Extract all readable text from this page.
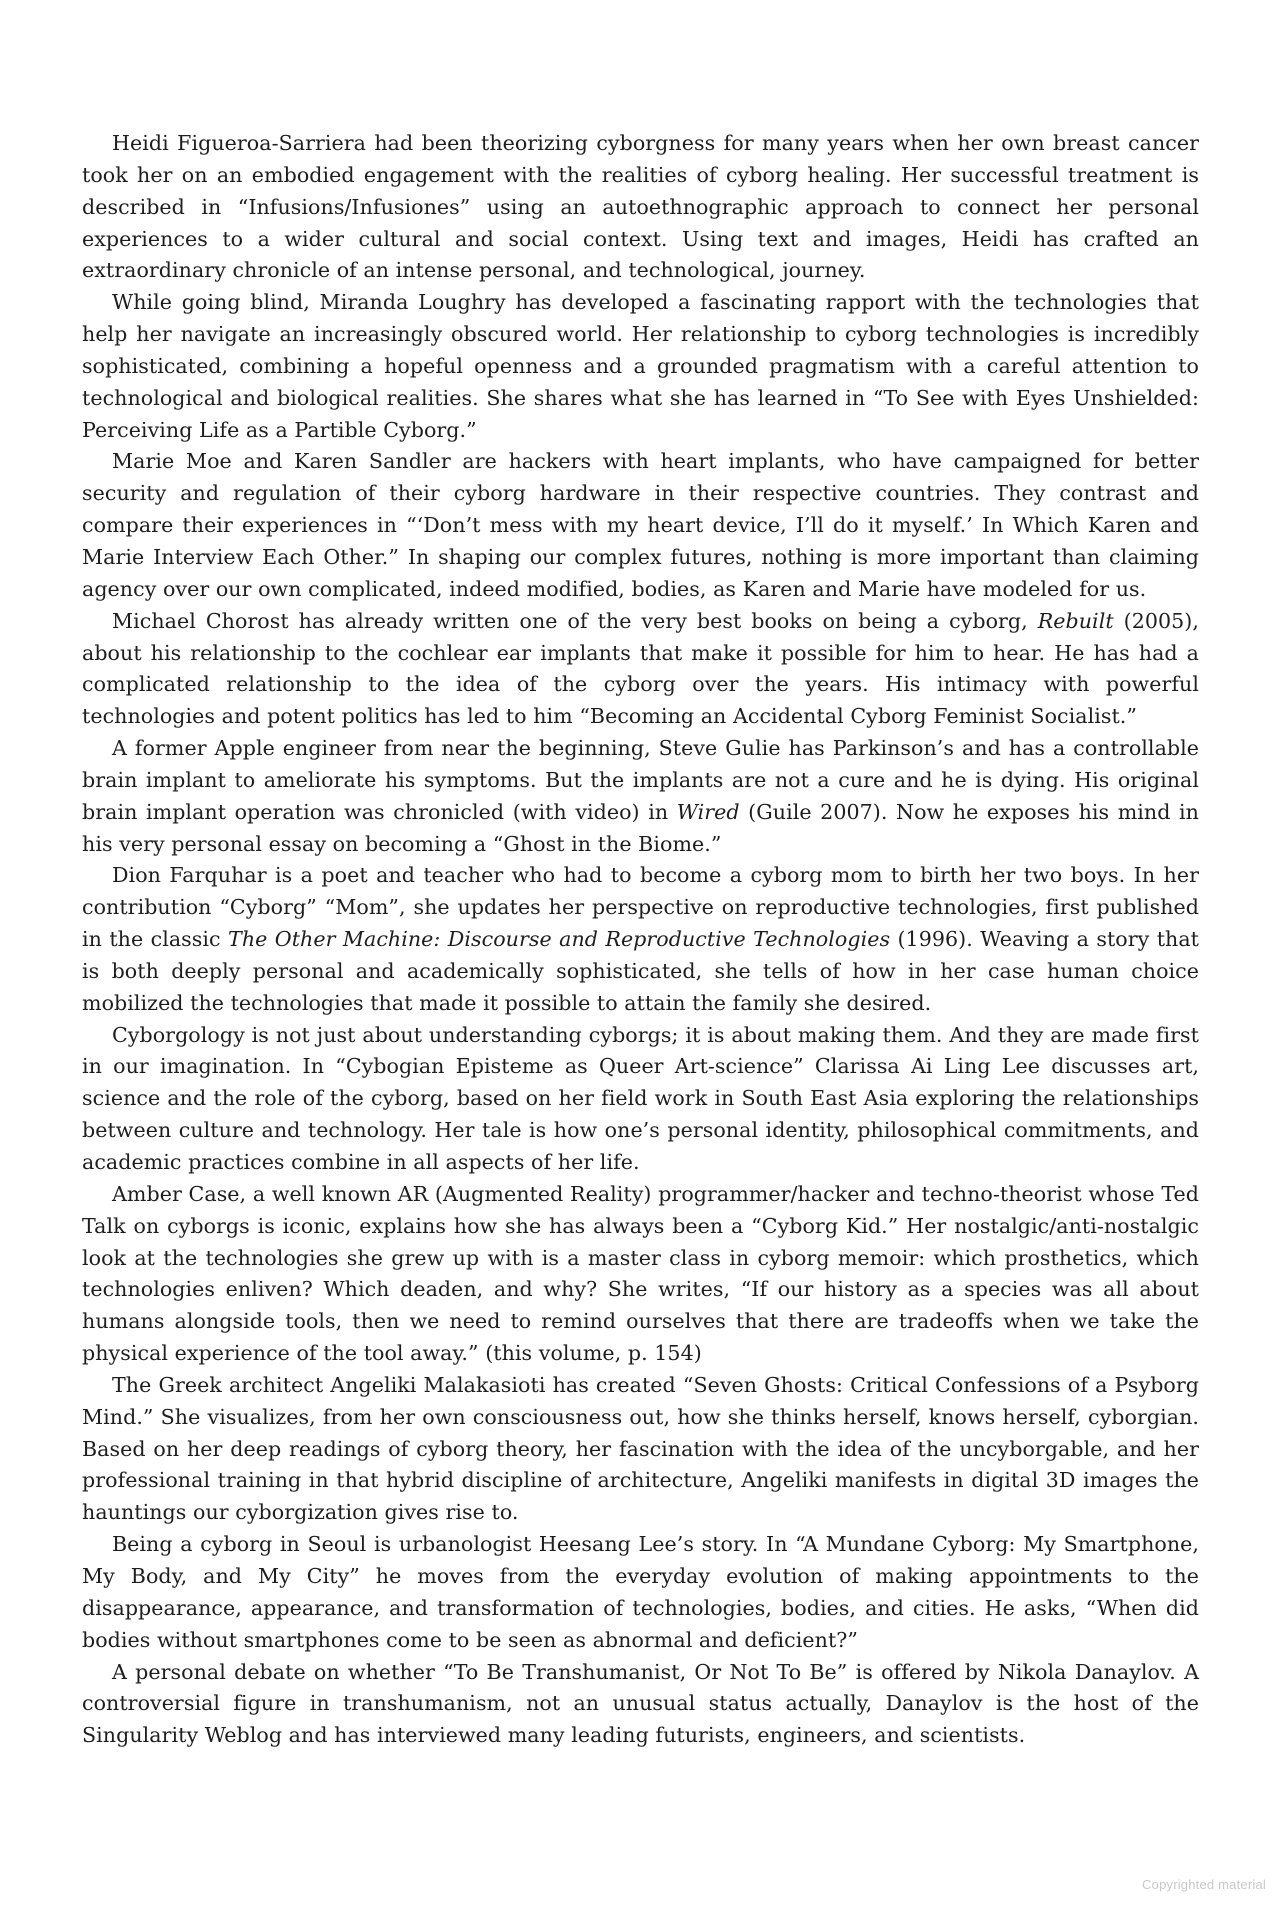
Heidi Figueroa-Sarriera had been theorizing cyborgness for many years when her own breast cancer took her on an embodied engagement with the realities of cyborg healing. Her successful treatment is described in “Infusions/Infusiones” using an autoethnographic approach to connect her personal experiences to a wider cultural and social context. Using text and images, Heidi has crafted an extraordinary chronicle of an intense personal, and technological, journey.

While going blind, Miranda Loughry has developed a fascinating rapport with the technologies that help her navigate an increasingly obscured world. Her relationship to cyborg technologies is incredibly sophisticated, combining a hopeful openness and a grounded pragmatism with a careful attention to technological and biological realities. She shares what she has learned in “To See with Eyes Unshielded: Perceiving Life as a Partible Cyborg.”

Marie Moe and Karen Sandler are hackers with heart implants, who have campaigned for better security and regulation of their cyborg hardware in their respective countries. They contrast and compare their experiences in “‘Don’t mess with my heart device, I’ll do it myself.’ In Which Karen and Marie Interview Each Other.” In shaping our complex futures, nothing is more important than claiming agency over our own complicated, indeed modified, bodies, as Karen and Marie have modeled for us.

Michael Chorost has already written one of the very best books on being a cyborg, Rebuilt (2005), about his relationship to the cochlear ear implants that make it possible for him to hear. He has had a complicated relationship to the idea of the cyborg over the years. His intimacy with powerful technologies and potent politics has led to him “Becoming an Accidental Cyborg Feminist Socialist.”

A former Apple engineer from near the beginning, Steve Gulie has Parkinson’s and has a controllable brain implant to ameliorate his symptoms. But the implants are not a cure and he is dying. His original brain implant operation was chronicled (with video) in Wired (Guile 2007). Now he exposes his mind in his very personal essay on becoming a “Ghost in the Biome.”

Dion Farquhar is a poet and teacher who had to become a cyborg mom to birth her two boys. In her contribution “Cyborg” “Mom”, she updates her perspective on reproductive technologies, first published in the classic The Other Machine: Discourse and Reproductive Technologies (1996). Weaving a story that is both deeply personal and academically sophisticated, she tells of how in her case human choice mobilized the technologies that made it possible to attain the family she desired.

Cyborgology is not just about understanding cyborgs; it is about making them. And they are made first in our imagination. In “Cybogian Episteme as Queer Art-science” Clarissa Ai Ling Lee discusses art, science and the role of the cyborg, based on her field work in South East Asia exploring the relationships between culture and technology. Her tale is how one’s personal identity, philosophical commitments, and academic practices combine in all aspects of her life.

Amber Case, a well known AR (Augmented Reality) programmer/hacker and techno-theorist whose Ted Talk on cyborgs is iconic, explains how she has always been a “Cyborg Kid.” Her nostalgic/anti-nostalgic look at the technologies she grew up with is a master class in cyborg memoir: which prosthetics, which technologies enliven? Which deaden, and why? She writes, “If our history as a species was all about humans alongside tools, then we need to remind ourselves that there are tradeoffs when we take the physical experience of the tool away.” (this volume, p. 154)

The Greek architect Angeliki Malakasioti has created “Seven Ghosts: Critical Confessions of a Psyborg Mind.” She visualizes, from her own consciousness out, how she thinks herself, knows herself, cyborgian. Based on her deep readings of cyborg theory, her fascination with the idea of the uncyborgable, and her professional training in that hybrid discipline of architecture, Angeliki manifests in digital 3D images the hauntings our cyborgization gives rise to.

Being a cyborg in Seoul is urbanologist Heesang Lee’s story. In “A Mundane Cyborg: My Smartphone, My Body, and My City” he moves from the everyday evolution of making appointments to the disappearance, appearance, and transformation of technologies, bodies, and cities. He asks, “When did bodies without smartphones come to be seen as abnormal and deficient?”

A personal debate on whether “To Be Transhumanist, Or Not To Be” is offered by Nikola Danaylov. A controversial figure in transhumanism, not an unusual status actually, Danaylov is the host of the Singularity Weblog and has interviewed many leading futurists, engineers, and scientists.

Copyrighted material
